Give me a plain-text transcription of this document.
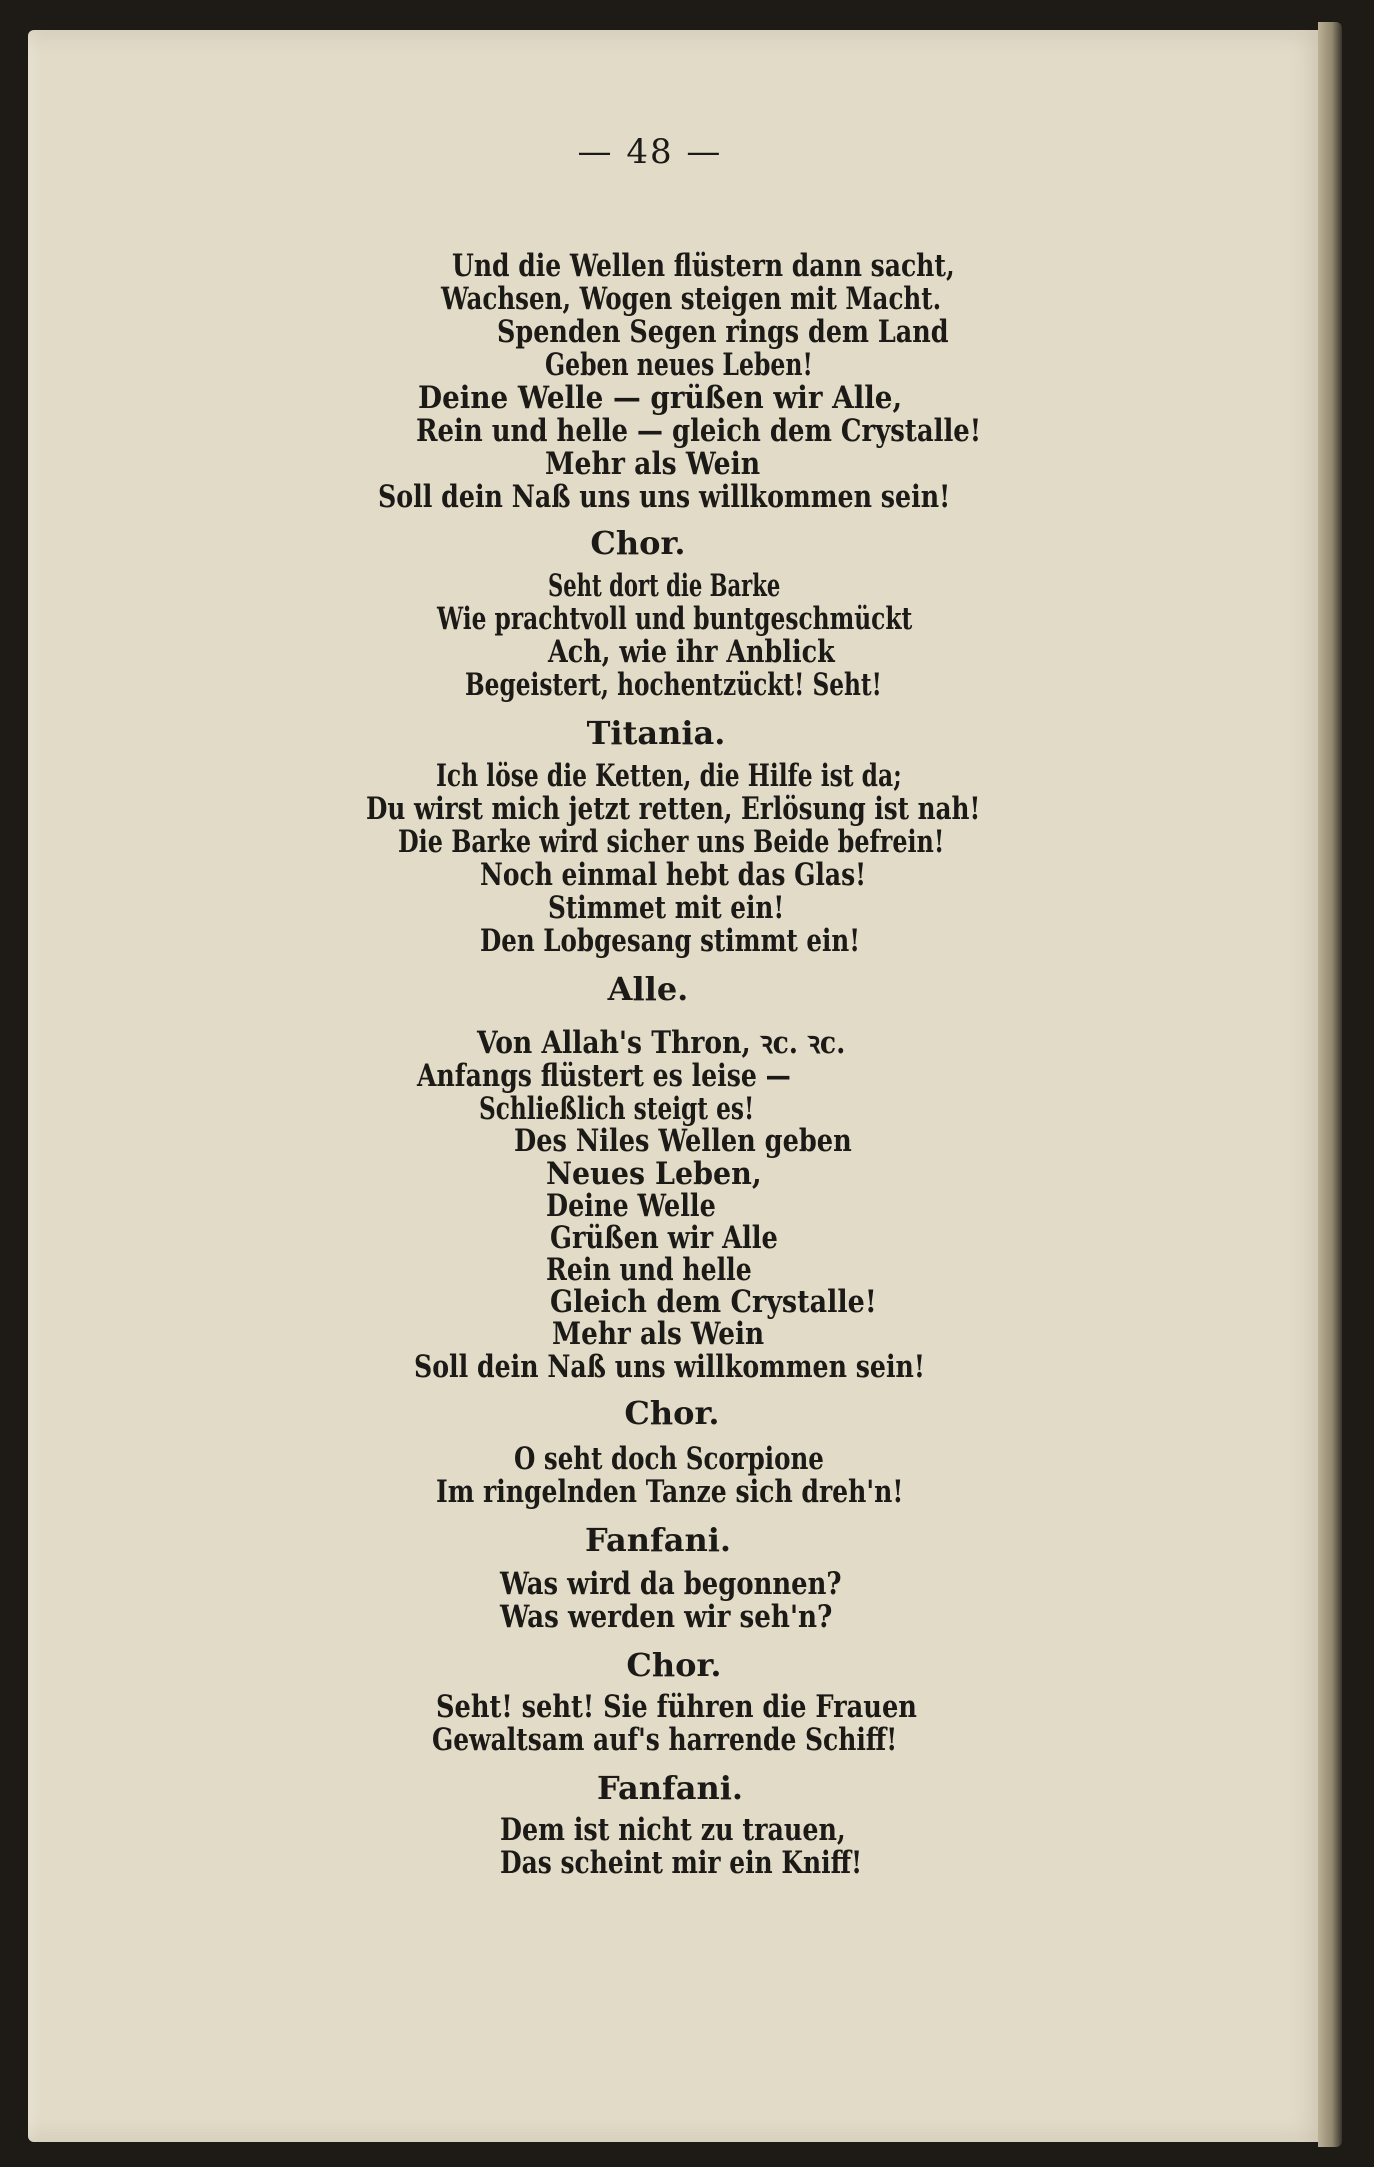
— 48 —
Und die Wellen flüstern dann sacht,
Wachsen, Wogen steigen mit Macht.
Spenden Segen rings dem Land
Geben neues Leben!
Deine Welle — grüßen wir Alle,
Rein und helle — gleich dem Crystalle!
Mehr als Wein
Soll dein Naß uns uns willkommen sein!
Chor.
Seht dort die Barke
Wie prachtvoll und buntgeschmückt
Ach, wie ihr Anblick
Begeistert, hochentzückt! Seht!
Titania.
Ich löse die Ketten, die Hilfe ist da;
Du wirst mich jetzt retten, Erlösung ist nah!
Die Barke wird sicher uns Beide befrein!
Noch einmal hebt das Glas!
Stimmet mit ein!
Den Lobgesang stimmt ein!
Alle.
Von Allah's Thron, ꝛc. ꝛc.
Anfangs flüstert es leise —
Schließlich steigt es!
Des Niles Wellen geben
Neues Leben,
Deine Welle
Grüßen wir Alle
Rein und helle
Gleich dem Crystalle!
Mehr als Wein
Soll dein Naß uns willkommen sein!
Chor.
O seht doch Scorpione
Im ringelnden Tanze sich dreh'n!
Fanfani.
Was wird da begonnen?
Was werden wir seh'n?
Chor.
Seht! seht! Sie führen die Frauen
Gewaltsam auf's harrende Schiff!
Fanfani.
Dem ist nicht zu trauen,
Das scheint mir ein Kniff!
